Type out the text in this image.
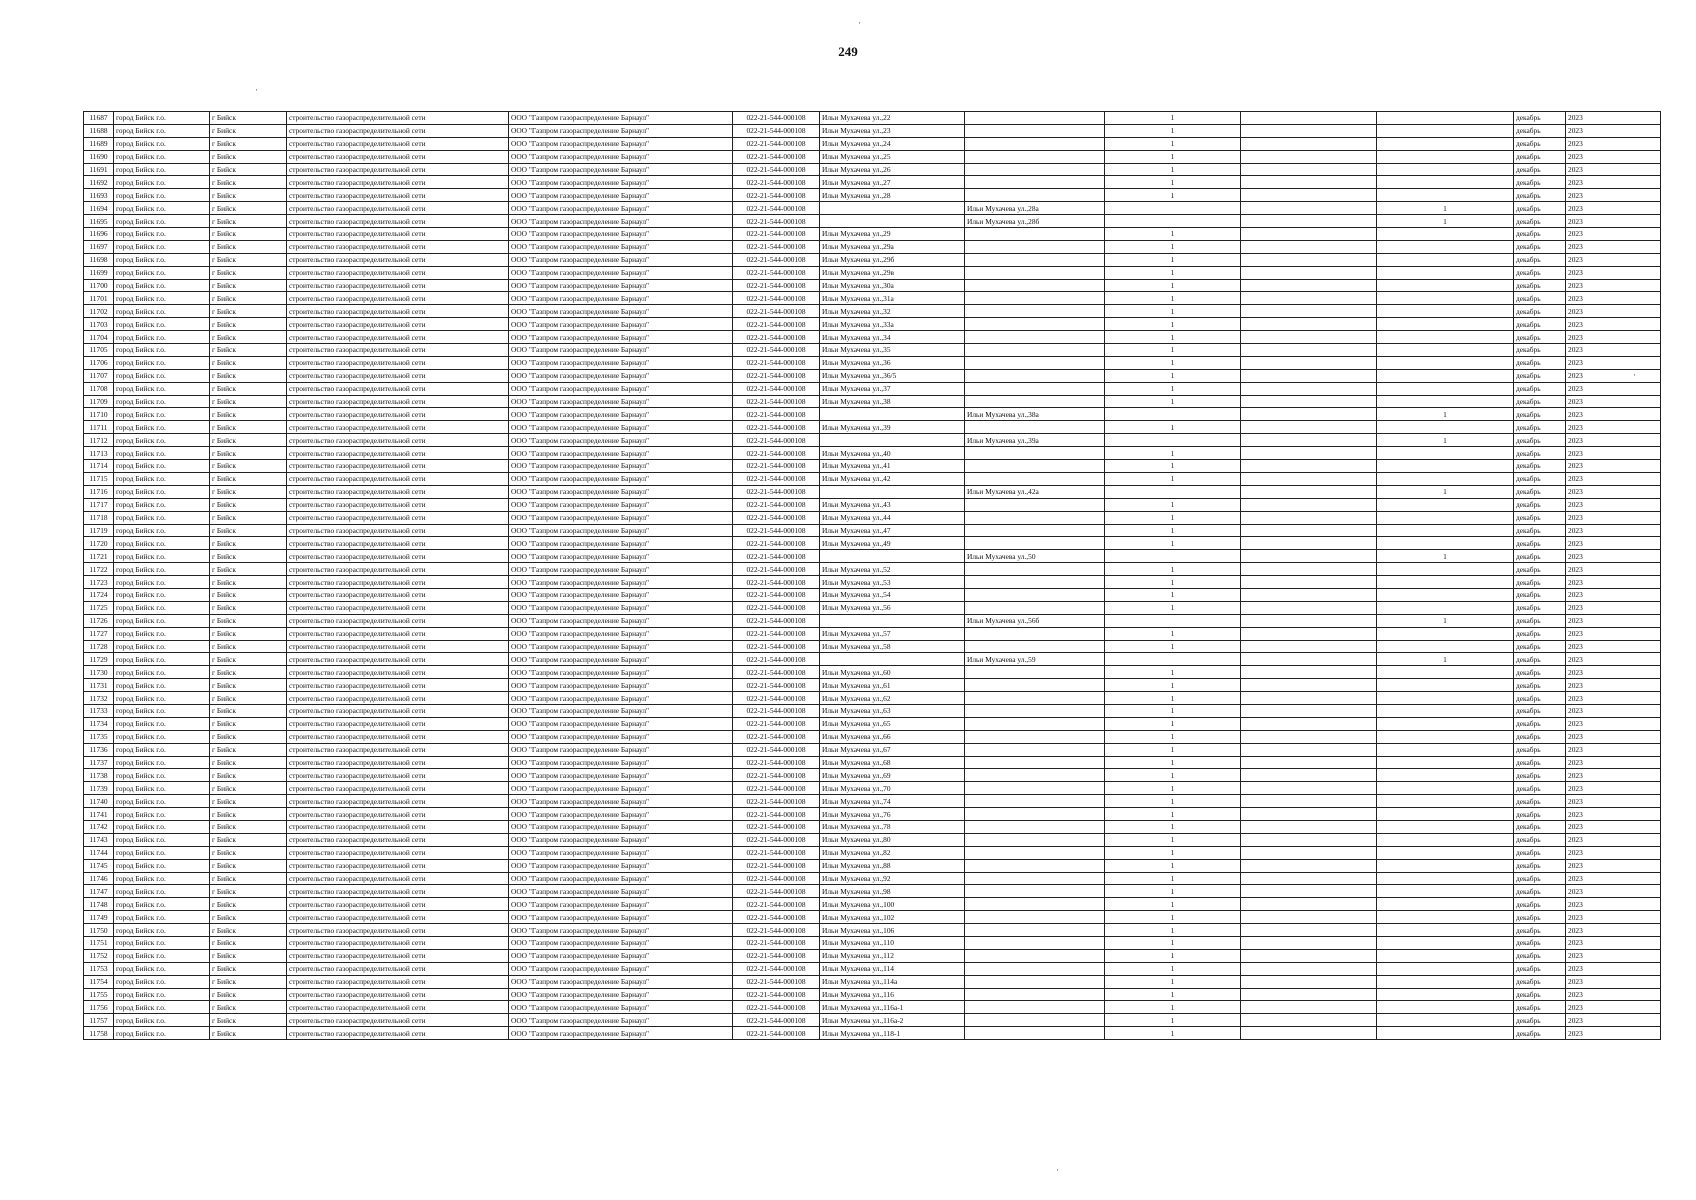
249
11687	город Бийск г.о.	г Бийск	строительство газораспределительной сети	ООО "Газпром газораспределение Барнаул"	022-21-544-000108	Ильи Мухачева ул.,22		1			декабрь	2023
11688	город Бийск г.о.	г Бийск	строительство газораспределительной сети	ООО "Газпром газораспределение Барнаул"	022-21-544-000108	Ильи Мухачева ул.,23		1			декабрь	2023
11689	город Бийск г.о.	г Бийск	строительство газораспределительной сети	ООО "Газпром газораспределение Барнаул"	022-21-544-000108	Ильи Мухачева ул.,24		1			декабрь	2023
11690	город Бийск г.о.	г Бийск	строительство газораспределительной сети	ООО "Газпром газораспределение Барнаул"	022-21-544-000108	Ильи Мухачева ул.,25		1			декабрь	2023
11691	город Бийск г.о.	г Бийск	строительство газораспределительной сети	ООО "Газпром газораспределение Барнаул"	022-21-544-000108	Ильи Мухачева ул.,26		1			декабрь	2023
11692	город Бийск г.о.	г Бийск	строительство газораспределительной сети	ООО "Газпром газораспределение Барнаул"	022-21-544-000108	Ильи Мухачева ул.,27		1			декабрь	2023
11693	город Бийск г.о.	г Бийск	строительство газораспределительной сети	ООО "Газпром газораспределение Барнаул"	022-21-544-000108	Ильи Мухачева ул.,28		1			декабрь	2023
11694	город Бийск г.о.	г Бийск	строительство газораспределительной сети	ООО "Газпром газораспределение Барнаул"	022-21-544-000108		Ильи Мухачева ул.,28а			1	декабрь	2023
11695	город Бийск г.о.	г Бийск	строительство газораспределительной сети	ООО "Газпром газораспределение Барнаул"	022-21-544-000108		Ильи Мухачева ул.,28б			1	декабрь	2023
11696	город Бийск г.о.	г Бийск	строительство газораспределительной сети	ООО "Газпром газораспределение Барнаул"	022-21-544-000108	Ильи Мухачева ул.,29		1			декабрь	2023
11697	город Бийск г.о.	г Бийск	строительство газораспределительной сети	ООО "Газпром газораспределение Барнаул"	022-21-544-000108	Ильи Мухачева ул.,29а		1			декабрь	2023
11698	город Бийск г.о.	г Бийск	строительство газораспределительной сети	ООО "Газпром газораспределение Барнаул"	022-21-544-000108	Ильи Мухачева ул.,29б		1			декабрь	2023
11699	город Бийск г.о.	г Бийск	строительство газораспределительной сети	ООО "Газпром газораспределение Барнаул"	022-21-544-000108	Ильи Мухачева ул.,29в		1			декабрь	2023
11700	город Бийск г.о.	г Бийск	строительство газораспределительной сети	ООО "Газпром газораспределение Барнаул"	022-21-544-000108	Ильи Мухачева ул.,30а		1			декабрь	2023
11701	город Бийск г.о.	г Бийск	строительство газораспределительной сети	ООО "Газпром газораспределение Барнаул"	022-21-544-000108	Ильи Мухачева ул.,31а		1			декабрь	2023
11702	город Бийск г.о.	г Бийск	строительство газораспределительной сети	ООО "Газпром газораспределение Барнаул"	022-21-544-000108	Ильи Мухачева ул.,32		1			декабрь	2023
11703	город Бийск г.о.	г Бийск	строительство газораспределительной сети	ООО "Газпром газораспределение Барнаул"	022-21-544-000108	Ильи Мухачева ул.,33а		1			декабрь	2023
11704	город Бийск г.о.	г Бийск	строительство газораспределительной сети	ООО "Газпром газораспределение Барнаул"	022-21-544-000108	Ильи Мухачева ул.,34		1			декабрь	2023
11705	город Бийск г.о.	г Бийск	строительство газораспределительной сети	ООО "Газпром газораспределение Барнаул"	022-21-544-000108	Ильи Мухачева ул.,35		1			декабрь	2023
11706	город Бийск г.о.	г Бийск	строительство газораспределительной сети	ООО "Газпром газораспределение Барнаул"	022-21-544-000108	Ильи Мухачева ул.,36		1			декабрь	2023
11707	город Бийск г.о.	г Бийск	строительство газораспределительной сети	ООО "Газпром газораспределение Барнаул"	022-21-544-000108	Ильи Мухачева ул.,36/5		1			декабрь	2023
11708	город Бийск г.о.	г Бийск	строительство газораспределительной сети	ООО "Газпром газораспределение Барнаул"	022-21-544-000108	Ильи Мухачева ул.,37		1			декабрь	2023
11709	город Бийск г.о.	г Бийск	строительство газораспределительной сети	ООО "Газпром газораспределение Барнаул"	022-21-544-000108	Ильи Мухачева ул.,38		1			декабрь	2023
11710	город Бийск г.о.	г Бийск	строительство газораспределительной сети	ООО "Газпром газораспределение Барнаул"	022-21-544-000108		Ильи Мухачева ул.,38а			1	декабрь	2023
11711	город Бийск г.о.	г Бийск	строительство газораспределительной сети	ООО "Газпром газораспределение Барнаул"	022-21-544-000108	Ильи Мухачева ул.,39		1			декабрь	2023
11712	город Бийск г.о.	г Бийск	строительство газораспределительной сети	ООО "Газпром газораспределение Барнаул"	022-21-544-000108		Ильи Мухачева ул.,39а			1	декабрь	2023
11713	город Бийск г.о.	г Бийск	строительство газораспределительной сети	ООО "Газпром газораспределение Барнаул"	022-21-544-000108	Ильи Мухачева ул.,40		1			декабрь	2023
11714	город Бийск г.о.	г Бийск	строительство газораспределительной сети	ООО "Газпром газораспределение Барнаул"	022-21-544-000108	Ильи Мухачева ул.,41		1			декабрь	2023
11715	город Бийск г.о.	г Бийск	строительство газораспределительной сети	ООО "Газпром газораспределение Барнаул"	022-21-544-000108	Ильи Мухачева ул.,42		1			декабрь	2023
11716	город Бийск г.о.	г Бийск	строительство газораспределительной сети	ООО "Газпром газораспределение Барнаул"	022-21-544-000108		Ильи Мухачева ул.,42а			1	декабрь	2023
11717	город Бийск г.о.	г Бийск	строительство газораспределительной сети	ООО "Газпром газораспределение Барнаул"	022-21-544-000108	Ильи Мухачева ул.,43		1			декабрь	2023
11718	город Бийск г.о.	г Бийск	строительство газораспределительной сети	ООО "Газпром газораспределение Барнаул"	022-21-544-000108	Ильи Мухачева ул.,44		1			декабрь	2023
11719	город Бийск г.о.	г Бийск	строительство газораспределительной сети	ООО "Газпром газораспределение Барнаул"	022-21-544-000108	Ильи Мухачева ул.,47		1			декабрь	2023
11720	город Бийск г.о.	г Бийск	строительство газораспределительной сети	ООО "Газпром газораспределение Барнаул"	022-21-544-000108	Ильи Мухачева ул.,49		1			декабрь	2023
11721	город Бийск г.о.	г Бийск	строительство газораспределительной сети	ООО "Газпром газораспределение Барнаул"	022-21-544-000108		Ильи Мухачева ул.,50			1	декабрь	2023
11722	город Бийск г.о.	г Бийск	строительство газораспределительной сети	ООО "Газпром газораспределение Барнаул"	022-21-544-000108	Ильи Мухачева ул.,52		1			декабрь	2023
11723	город Бийск г.о.	г Бийск	строительство газораспределительной сети	ООО "Газпром газораспределение Барнаул"	022-21-544-000108	Ильи Мухачева ул.,53		1			декабрь	2023
11724	город Бийск г.о.	г Бийск	строительство газораспределительной сети	ООО "Газпром газораспределение Барнаул"	022-21-544-000108	Ильи Мухачева ул.,54		1			декабрь	2023
11725	город Бийск г.о.	г Бийск	строительство газораспределительной сети	ООО "Газпром газораспределение Барнаул"	022-21-544-000108	Ильи Мухачева ул.,56		1			декабрь	2023
11726	город Бийск г.о.	г Бийск	строительство газораспределительной сети	ООО "Газпром газораспределение Барнаул"	022-21-544-000108		Ильи Мухачева ул.,56б			1	декабрь	2023
11727	город Бийск г.о.	г Бийск	строительство газораспределительной сети	ООО "Газпром газораспределение Барнаул"	022-21-544-000108	Ильи Мухачева ул.,57		1			декабрь	2023
11728	город Бийск г.о.	г Бийск	строительство газораспределительной сети	ООО "Газпром газораспределение Барнаул"	022-21-544-000108	Ильи Мухачева ул.,58		1			декабрь	2023
11729	город Бийск г.о.	г Бийск	строительство газораспределительной сети	ООО "Газпром газораспределение Барнаул"	022-21-544-000108		Ильи Мухачева ул.,59			1	декабрь	2023
11730	город Бийск г.о.	г Бийск	строительство газораспределительной сети	ООО "Газпром газораспределение Барнаул"	022-21-544-000108	Ильи Мухачева ул.,60		1			декабрь	2023
11731	город Бийск г.о.	г Бийск	строительство газораспределительной сети	ООО "Газпром газораспределение Барнаул"	022-21-544-000108	Ильи Мухачева ул.,61		1			декабрь	2023
11732	город Бийск г.о.	г Бийск	строительство газораспределительной сети	ООО "Газпром газораспределение Барнаул"	022-21-544-000108	Ильи Мухачева ул.,62		1			декабрь	2023
11733	город Бийск г.о.	г Бийск	строительство газораспределительной сети	ООО "Газпром газораспределение Барнаул"	022-21-544-000108	Ильи Мухачева ул.,63		1			декабрь	2023
11734	город Бийск г.о.	г Бийск	строительство газораспределительной сети	ООО "Газпром газораспределение Барнаул"	022-21-544-000108	Ильи Мухачева ул.,65		1			декабрь	2023
11735	город Бийск г.о.	г Бийск	строительство газораспределительной сети	ООО "Газпром газораспределение Барнаул"	022-21-544-000108	Ильи Мухачева ул.,66		1			декабрь	2023
11736	город Бийск г.о.	г Бийск	строительство газораспределительной сети	ООО "Газпром газораспределение Барнаул"	022-21-544-000108	Ильи Мухачева ул.,67		1			декабрь	2023
11737	город Бийск г.о.	г Бийск	строительство газораспределительной сети	ООО "Газпром газораспределение Барнаул"	022-21-544-000108	Ильи Мухачева ул.,68		1			декабрь	2023
11738	город Бийск г.о.	г Бийск	строительство газораспределительной сети	ООО "Газпром газораспределение Барнаул"	022-21-544-000108	Ильи Мухачева ул.,69		1			декабрь	2023
11739	город Бийск г.о.	г Бийск	строительство газораспределительной сети	ООО "Газпром газораспределение Барнаул"	022-21-544-000108	Ильи Мухачева ул.,70		1			декабрь	2023
11740	город Бийск г.о.	г Бийск	строительство газораспределительной сети	ООО "Газпром газораспределение Барнаул"	022-21-544-000108	Ильи Мухачева ул.,74		1			декабрь	2023
11741	город Бийск г.о.	г Бийск	строительство газораспределительной сети	ООО "Газпром газораспределение Барнаул"	022-21-544-000108	Ильи Мухачева ул.,76		1			декабрь	2023
11742	город Бийск г.о.	г Бийск	строительство газораспределительной сети	ООО "Газпром газораспределение Барнаул"	022-21-544-000108	Ильи Мухачева ул.,78		1			декабрь	2023
11743	город Бийск г.о.	г Бийск	строительство газораспределительной сети	ООО "Газпром газораспределение Барнаул"	022-21-544-000108	Ильи Мухачева ул.,80		1			декабрь	2023
11744	город Бийск г.о.	г Бийск	строительство газораспределительной сети	ООО "Газпром газораспределение Барнаул"	022-21-544-000108	Ильи Мухачева ул.,82		1			декабрь	2023
11745	город Бийск г.о.	г Бийск	строительство газораспределительной сети	ООО "Газпром газораспределение Барнаул"	022-21-544-000108	Ильи Мухачева ул.,88		1			декабрь	2023
11746	город Бийск г.о.	г Бийск	строительство газораспределительной сети	ООО "Газпром газораспределение Барнаул"	022-21-544-000108	Ильи Мухачева ул.,92		1			декабрь	2023
11747	город Бийск г.о.	г Бийск	строительство газораспределительной сети	ООО "Газпром газораспределение Барнаул"	022-21-544-000108	Ильи Мухачева ул.,98		1			декабрь	2023
11748	город Бийск г.о.	г Бийск	строительство газораспределительной сети	ООО "Газпром газораспределение Барнаул"	022-21-544-000108	Ильи Мухачева ул.,100		1			декабрь	2023
11749	город Бийск г.о.	г Бийск	строительство газораспределительной сети	ООО "Газпром газораспределение Барнаул"	022-21-544-000108	Ильи Мухачева ул.,102		1			декабрь	2023
11750	город Бийск г.о.	г Бийск	строительство газораспределительной сети	ООО "Газпром газораспределение Барнаул"	022-21-544-000108	Ильи Мухачева ул.,106		1			декабрь	2023
11751	город Бийск г.о.	г Бийск	строительство газораспределительной сети	ООО "Газпром газораспределение Барнаул"	022-21-544-000108	Ильи Мухачева ул.,110		1			декабрь	2023
11752	город Бийск г.о.	г Бийск	строительство газораспределительной сети	ООО "Газпром газораспределение Барнаул"	022-21-544-000108	Ильи Мухачева ул.,112		1			декабрь	2023
11753	город Бийск г.о.	г Бийск	строительство газораспределительной сети	ООО "Газпром газораспределение Барнаул"	022-21-544-000108	Ильи Мухачева ул.,114		1			декабрь	2023
11754	город Бийск г.о.	г Бийск	строительство газораспределительной сети	ООО "Газпром газораспределение Барнаул"	022-21-544-000108	Ильи Мухачева ул.,114а		1			декабрь	2023
11755	город Бийск г.о.	г Бийск	строительство газораспределительной сети	ООО "Газпром газораспределение Барнаул"	022-21-544-000108	Ильи Мухачева ул.,116		1			декабрь	2023
11756	город Бийск г.о.	г Бийск	строительство газораспределительной сети	ООО "Газпром газораспределение Барнаул"	022-21-544-000108	Ильи Мухачева ул.,116а-1		1			декабрь	2023
11757	город Бийск г.о.	г Бийск	строительство газораспределительной сети	ООО "Газпром газораспределение Барнаул"	022-21-544-000108	Ильи Мухачева ул.,116а-2		1			декабрь	2023
11758	город Бийск г.о.	г Бийск	строительство газораспределительной сети	ООО "Газпром газораспределение Барнаул"	022-21-544-000108	Ильи Мухачева ул.,118-1		1			декабрь	2023
·
·
·
·
